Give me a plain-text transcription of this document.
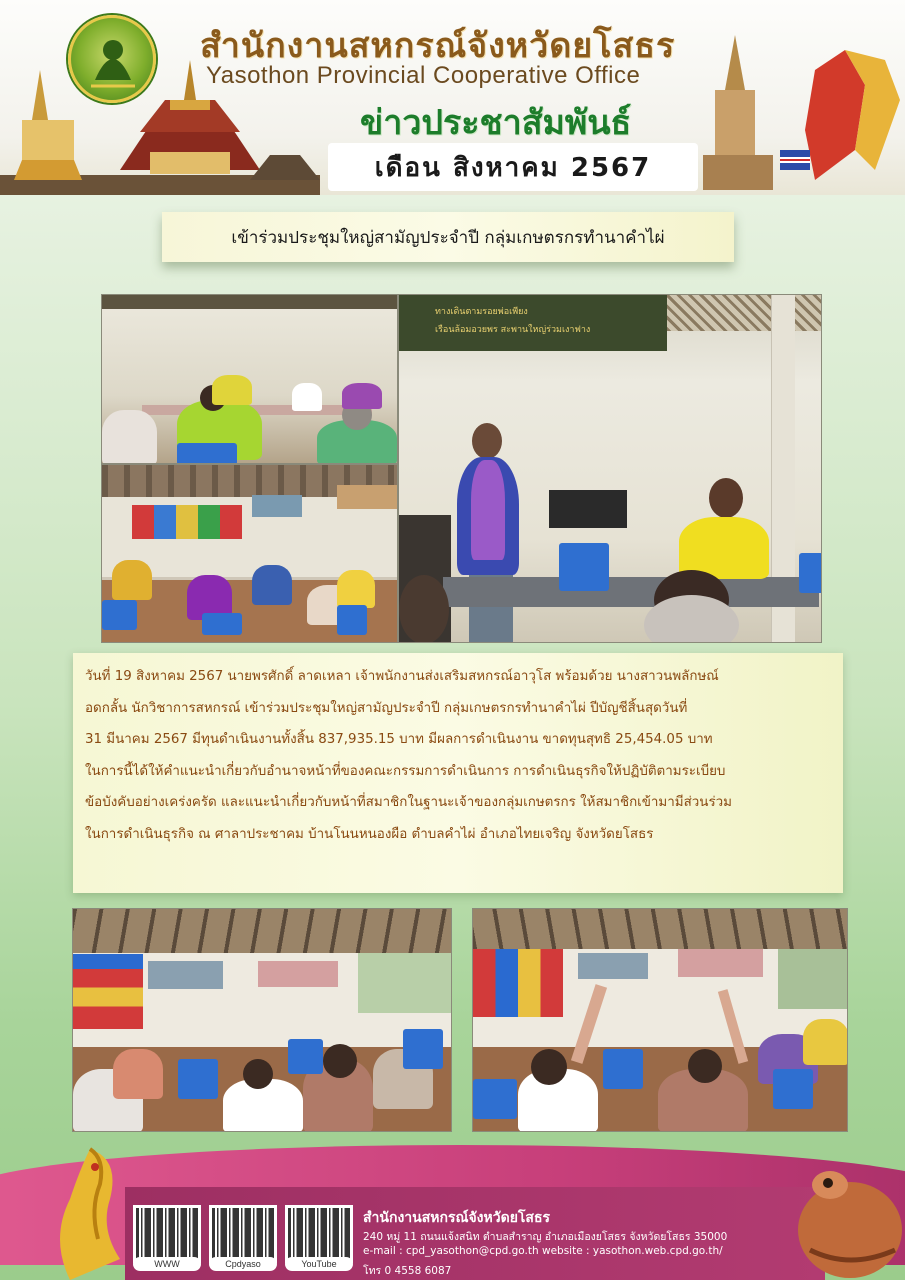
สำนักงานสหกรณ์จังหวัดยโสธร
Yasothon Provincial Cooperative Office
ข่าวประชาสัมพันธ์
เดือน สิงหาคม 2567
เข้าร่วมประชุมใหญ่สามัญประจำปี กลุ่มเกษตรกรทำนาคำไผ่
ทางเดินตามรอยพ่อเพียง
เรือนล้อมอวยพร สะพานใหญ่ร่วมเงาฟาง

วันที่ 19 สิงหาคม 2567 นายพรศักดิ์ ลาดเหลา เจ้าพนักงานส่งเสริมสหกรณ์อาวุโส พร้อมด้วย นางสาวนพลักษณ์

อดกลั้น นักวิชาการสหกรณ์ เข้าร่วมประชุมใหญ่สามัญประจำปี กลุ่มเกษตรกรทำนาคำไผ่ ปีบัญชีสิ้นสุดวันที่

31 มีนาคม 2567 มีทุนดำเนินงานทั้งสิ้น 837,935.15 บาท มีผลการดำเนินงาน ขาดทุนสุทธิ 25,454.05 บาท

ในการนี้ได้ให้คำแนะนำเกี่ยวกับอำนาจหน้าที่ของคณะกรรมการดำเนินการ การดำเนินธุรกิจให้ปฏิบัติตามระเบียบ

ข้อบังคับอย่างเคร่งครัด และแนะนำเกี่ยวกับหน้าที่สมาชิกในฐานะเจ้าของกลุ่มเกษตรกร ให้สมาชิกเข้ามามีส่วนร่วม

ในการดำเนินธุรกิจ ณ ศาลาประชาคม บ้านโนนหนองผือ ตำบลคำไผ่ อำเภอไทยเจริญ จังหวัดยโสธร

WWW	Cpdyaso	YouTube
สำนักงานสหกรณ์จังหวัดยโสธร
240 หมู่ 11 ถนนแจ้งสนิท ตำบลสำราญ อำเภอเมืองยโสธร จังหวัดยโสธร 35000
e-mail : cpd_yasothon@cpd.go.th website : yasothon.web.cpd.go.th/
โทร 0 4558 6087
